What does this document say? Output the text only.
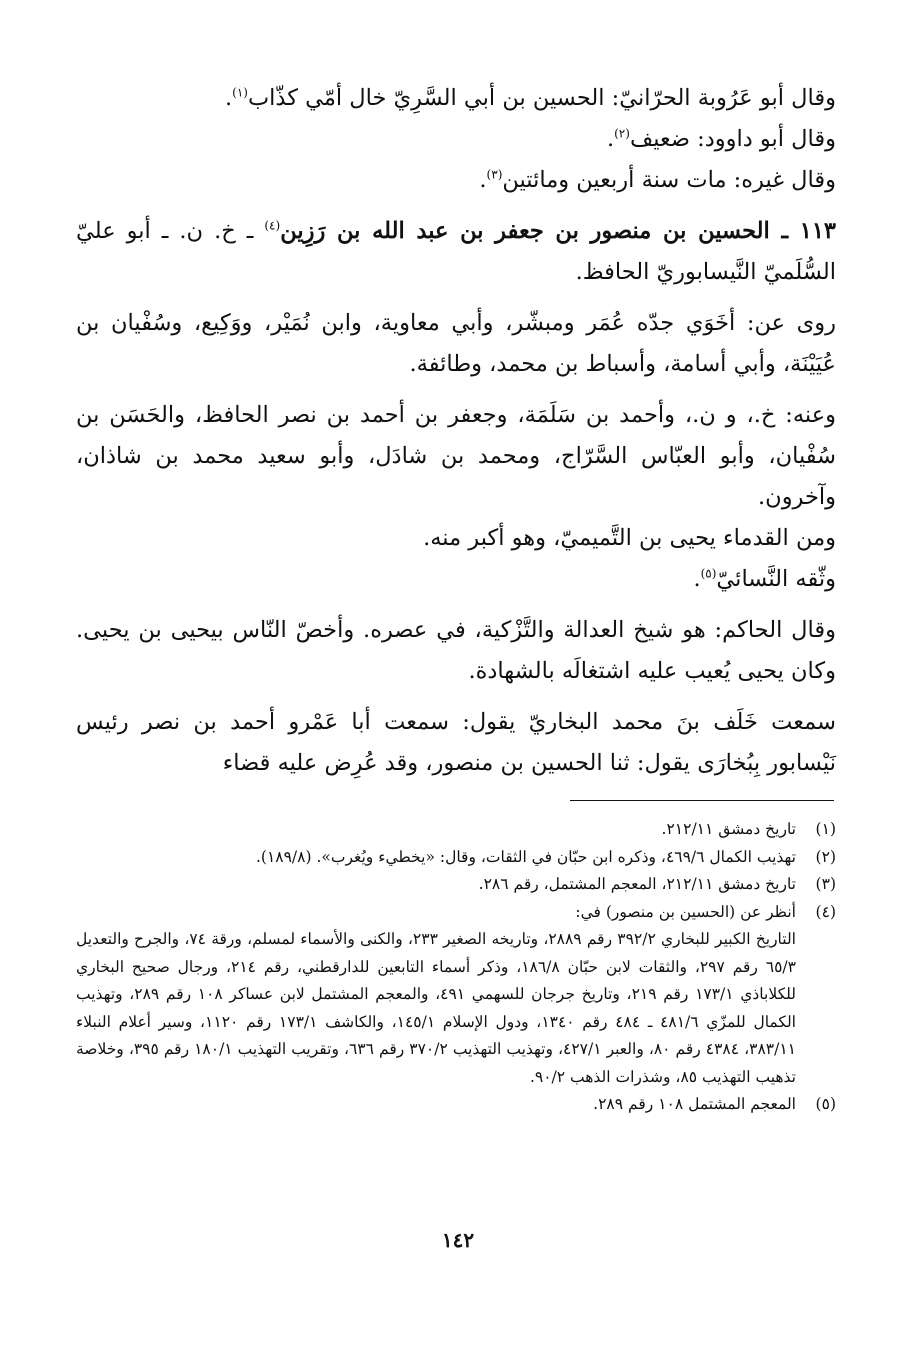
وقال أبو عَرُوبة الحرّانيّ: الحسين بن أبي السَّرِيّ خال أمّي كذّاب$^{(١)}$.

وقال أبو داوود: ضعيف$^{(٢)}$.

وقال غيره: مات سنة أربعين ومائتين$^{(٣)}$.

١١٣ ـ الحسين بن منصور بن جعفر بن عبد الله بن رَزِين$^{(٤)}$ ـ خ. ن. ـ أبو عليّ السُّلَميّ النَّيسابوريّ الحافظ.

روى عن: أخَوَي جدّه عُمَر ومبشّر، وأبي معاوية، وابن نُمَيْر، ووَكِيع، وسُفْيان بن عُيَيْنَة، وأبي أسامة، وأسباط بن محمد، وطائفة.

وعنه: خ.، و ن.، وأحمد بن سَلَمَة، وجعفر بن أحمد بن نصر الحافظ، والحَسَن بن سُفْيان، وأبو العبّاس السَّرّاج، ومحمد بن شادَل، وأبو سعيد محمد بن شاذان، وآخرون.

ومن القدماء يحيى بن التَّميميّ، وهو أكبر منه.

وثّقه النَّسائيّ$^{(٥)}$.

وقال الحاكم: هو شيخ العدالة والتَّزْكية، في عصره. وأخصّ النّاس بيحيى بن يحيى. وكان يحيى يُعيب عليه اشتغالَه بالشهادة.

سمعت خَلَف بنَ محمد البخاريّ يقول: سمعت أبا عَمْرو أحمد بن نصر رئيس نَيْسابور بِبُخارَى يقول: ثنا الحسين بن منصور، وقد عُرِض عليه قضاء

(١)
تاريخ دمشق ٢١٢/١١.
(٢)
تهذيب الكمال ٤٦٩/٦، وذكره ابن حبّان في الثقات، وقال: «يخطيء ويُغرب». (١٨٩/٨).
(٣)
تاريخ دمشق ٢١٢/١١، المعجم المشتمل، رقم ٢٨٦.
(٤)

أنظر عن (الحسين بن منصور) في:

التاريخ الكبير للبخاري ٣٩٢/٢ رقم ٢٨٨٩، وتاريخه الصغير ٢٣٣، والكنى والأسماء لمسلم، ورقة ٧٤، والجرح والتعديل ٦٥/٣ رقم ٢٩٧، والثقات لابن حبّان ١٨٦/٨، وذكر أسماء التابعين للدارقطني، رقم ٢١٤، ورجال صحيح البخاري للكلاباذي ١٧٣/١ رقم ٢١٩، وتاريخ جرجان للسهمي ٤٩١، والمعجم المشتمل لابن عساكر ١٠٨ رقم ٢٨٩، وتهذيب الكمال للمزّي ٤٨١/٦ ـ ٤٨٤ رقم ١٣٤٠، ودول الإسلام ١٤٥/١، والكاشف ١٧٣/١ رقم ١١٢٠، وسير أعلام النبلاء ٣٨٣/١١، ٤٣٨٤ رقم ٨٠، والعبر ٤٢٧/١، وتهذيب التهذيب ٣٧٠/٢ رقم ٦٣٦، وتقريب التهذيب ١٨٠/١ رقم ٣٩٥، وخلاصة تذهيب التهذيب ٨٥، وشذرات الذهب ٩٠/٢.

(٥)
المعجم المشتمل ١٠٨ رقم ٢٨٩.
١٤٢
